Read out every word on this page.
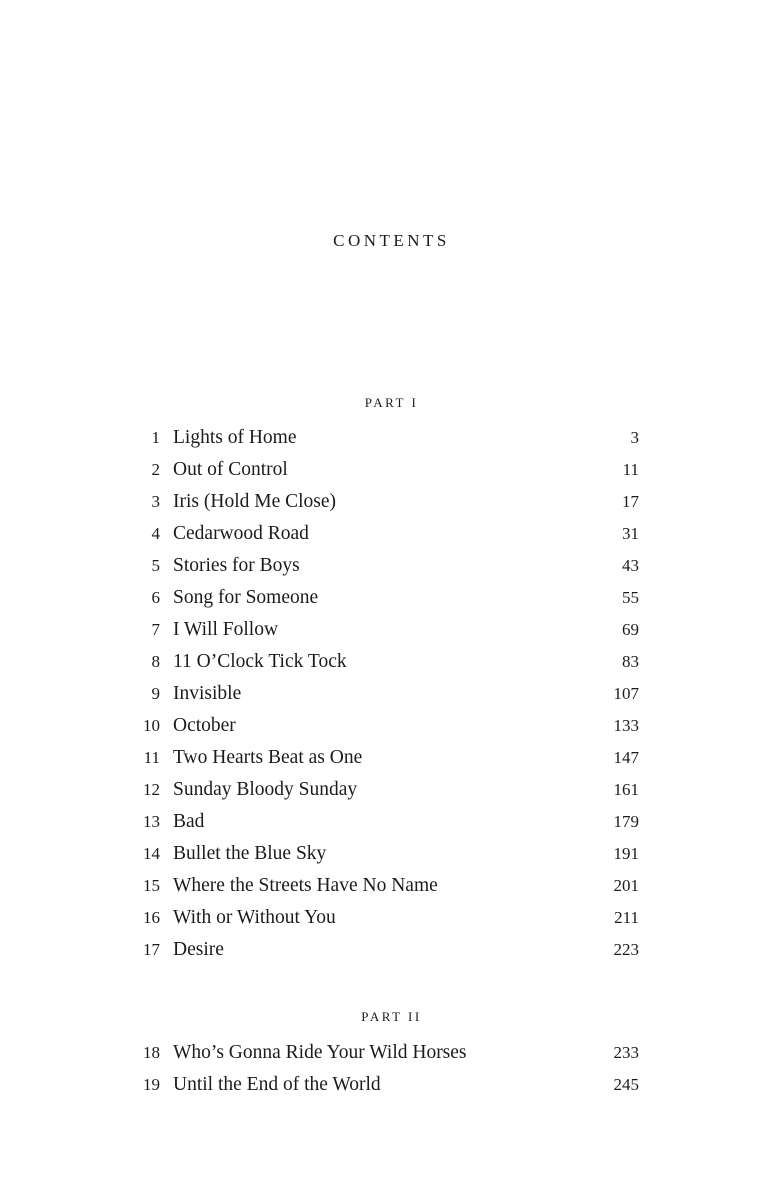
CONTENTS
PART I
1 Lights of Home	3
2 Out of Control	11
3 Iris (Hold Me Close)	17
4 Cedarwood Road	31
5 Stories for Boys	43
6 Song for Someone	55
7 I Will Follow	69
8 11 O’Clock Tick Tock	83
9 Invisible	107
10 October	133
11 Two Hearts Beat as One	147
12 Sunday Bloody Sunday	161
13 Bad	179
14 Bullet the Blue Sky	191
15 Where the Streets Have No Name	201
16 With or Without You	211
17 Desire	223
PART II
18 Who’s Gonna Ride Your Wild Horses	233
19 Until the End of the World	245
